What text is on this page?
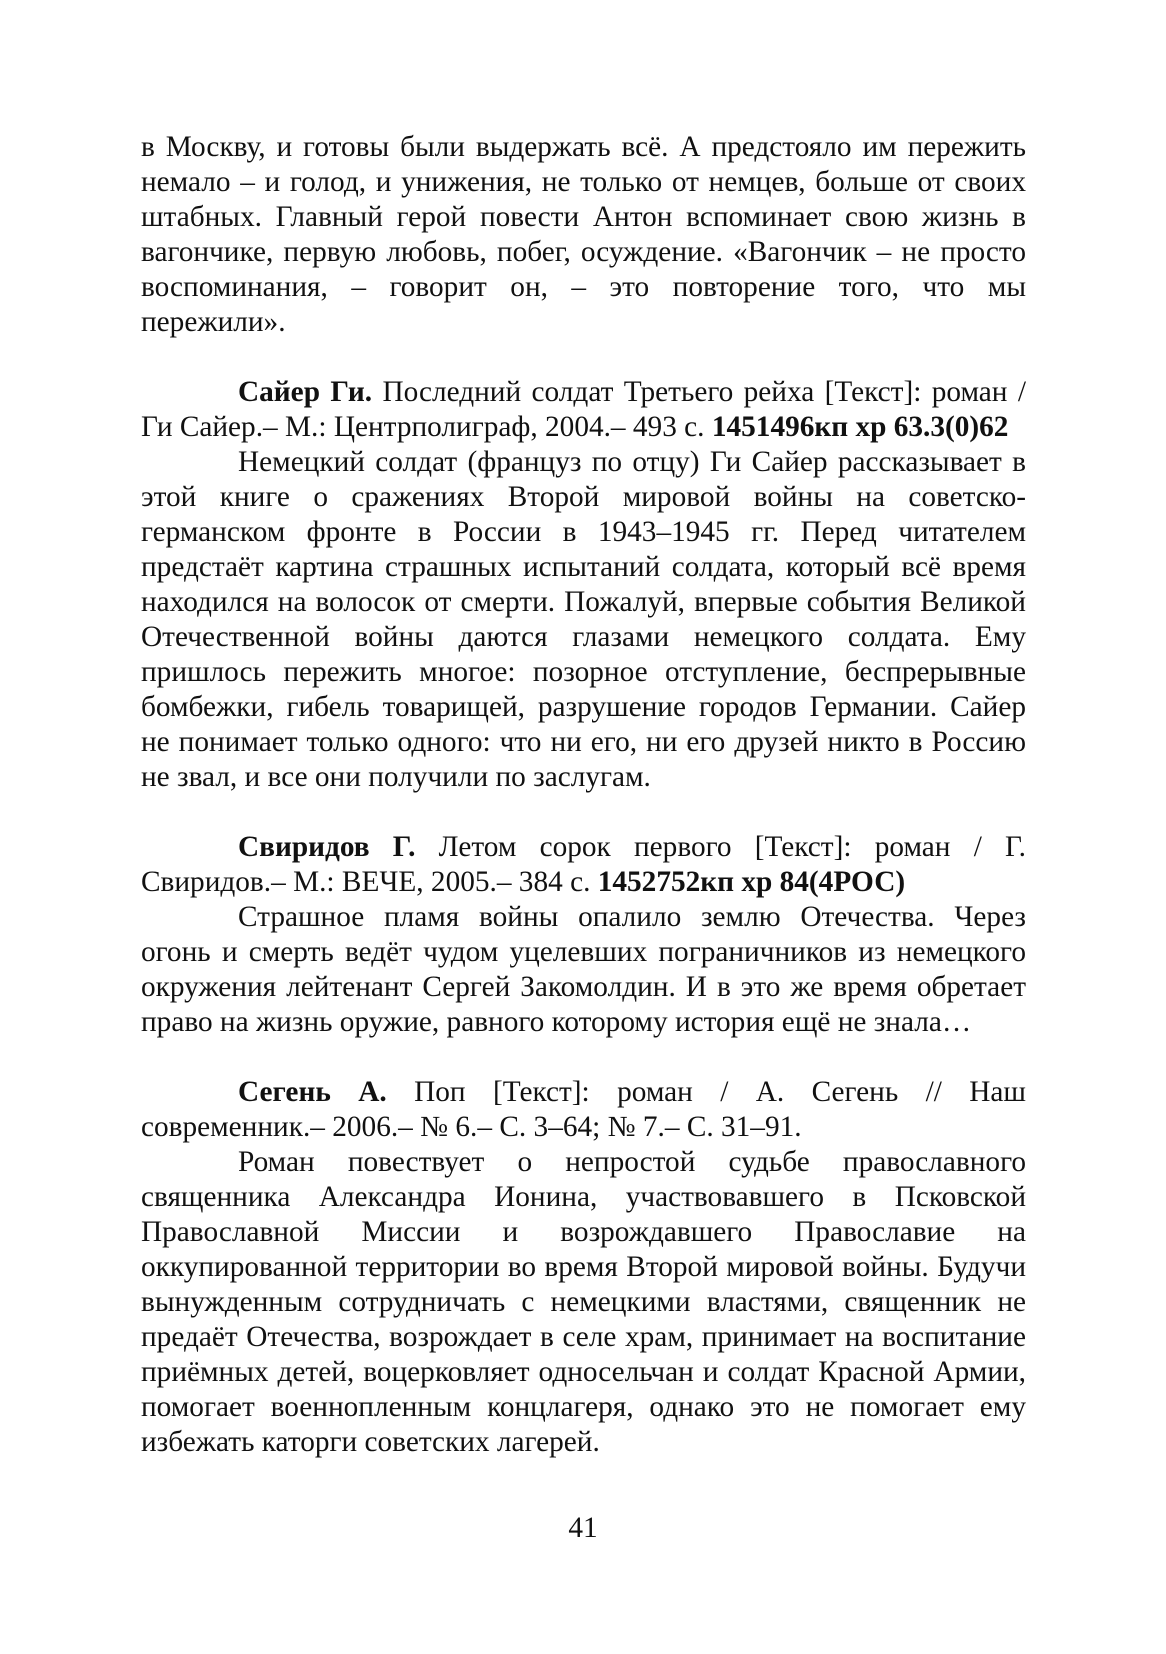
в Москву, и готовы были выдержать всё. А предстояло им пережить немало – и голод, и унижения, не только от немцев, больше от своих штабных. Главный герой повести Антон вспоминает свою жизнь в вагончике, первую любовь, побег, осуждение. «Вагончик – не просто воспоминания, – говорит он, – это повторение того, что мы пережили».

Сайер Ги. Последний солдат Третьего рейха [Текст]: роман / Ги Сайер.– М.: Центрполиграф, 2004.– 493 с. 1451496кп хр 63.3(0)62

Немецкий солдат (француз по отцу) Ги Сайер рассказывает в этой книге о сражениях Второй мировой войны на советско-германском фронте в России в 1943–1945 гг. Перед читателем предстаёт картина страшных испытаний солдата, который всё время находился на волосок от смерти. Пожалуй, впервые события Великой Отечественной войны даются глазами немецкого солдата. Ему пришлось пережить многое: позорное отступление, беспрерывные бомбежки, гибель товарищей, разрушение городов Германии. Сайер не понимает только одного: что ни его, ни его друзей никто в Россию не звал, и все они получили по заслугам.

Свиридов Г. Летом сорок первого [Текст]: роман / Г. Свиридов.– М.: ВЕЧЕ, 2005.– 384 с. 1452752кп хр 84(4РОС)

Страшное пламя войны опалило землю Отечества. Через огонь и смерть ведёт чудом уцелевших пограничников из немецкого окружения лейтенант Сергей Закомолдин. И в это же время обретает право на жизнь оружие, равного которому история ещё не знала…

Сегень А. Поп [Текст]: роман / А. Сегень // Наш современник.– 2006.– № 6.– С. 3–64; № 7.– С. 31–91.

Роман повествует о непростой судьбе православного священника Александра Ионина, участвовавшего в Псковской Православной Миссии и возрождавшего Православие на оккупированной территории во время Второй мировой войны. Будучи вынужденным сотрудничать с немецкими властями, священник не предаёт Отечества, возрождает в селе храм, принимает на воспитание приёмных детей, воцерковляет односельчан и солдат Красной Армии, помогает военнопленным концлагеря, однако это не помогает ему избежать каторги советских лагерей.

41
